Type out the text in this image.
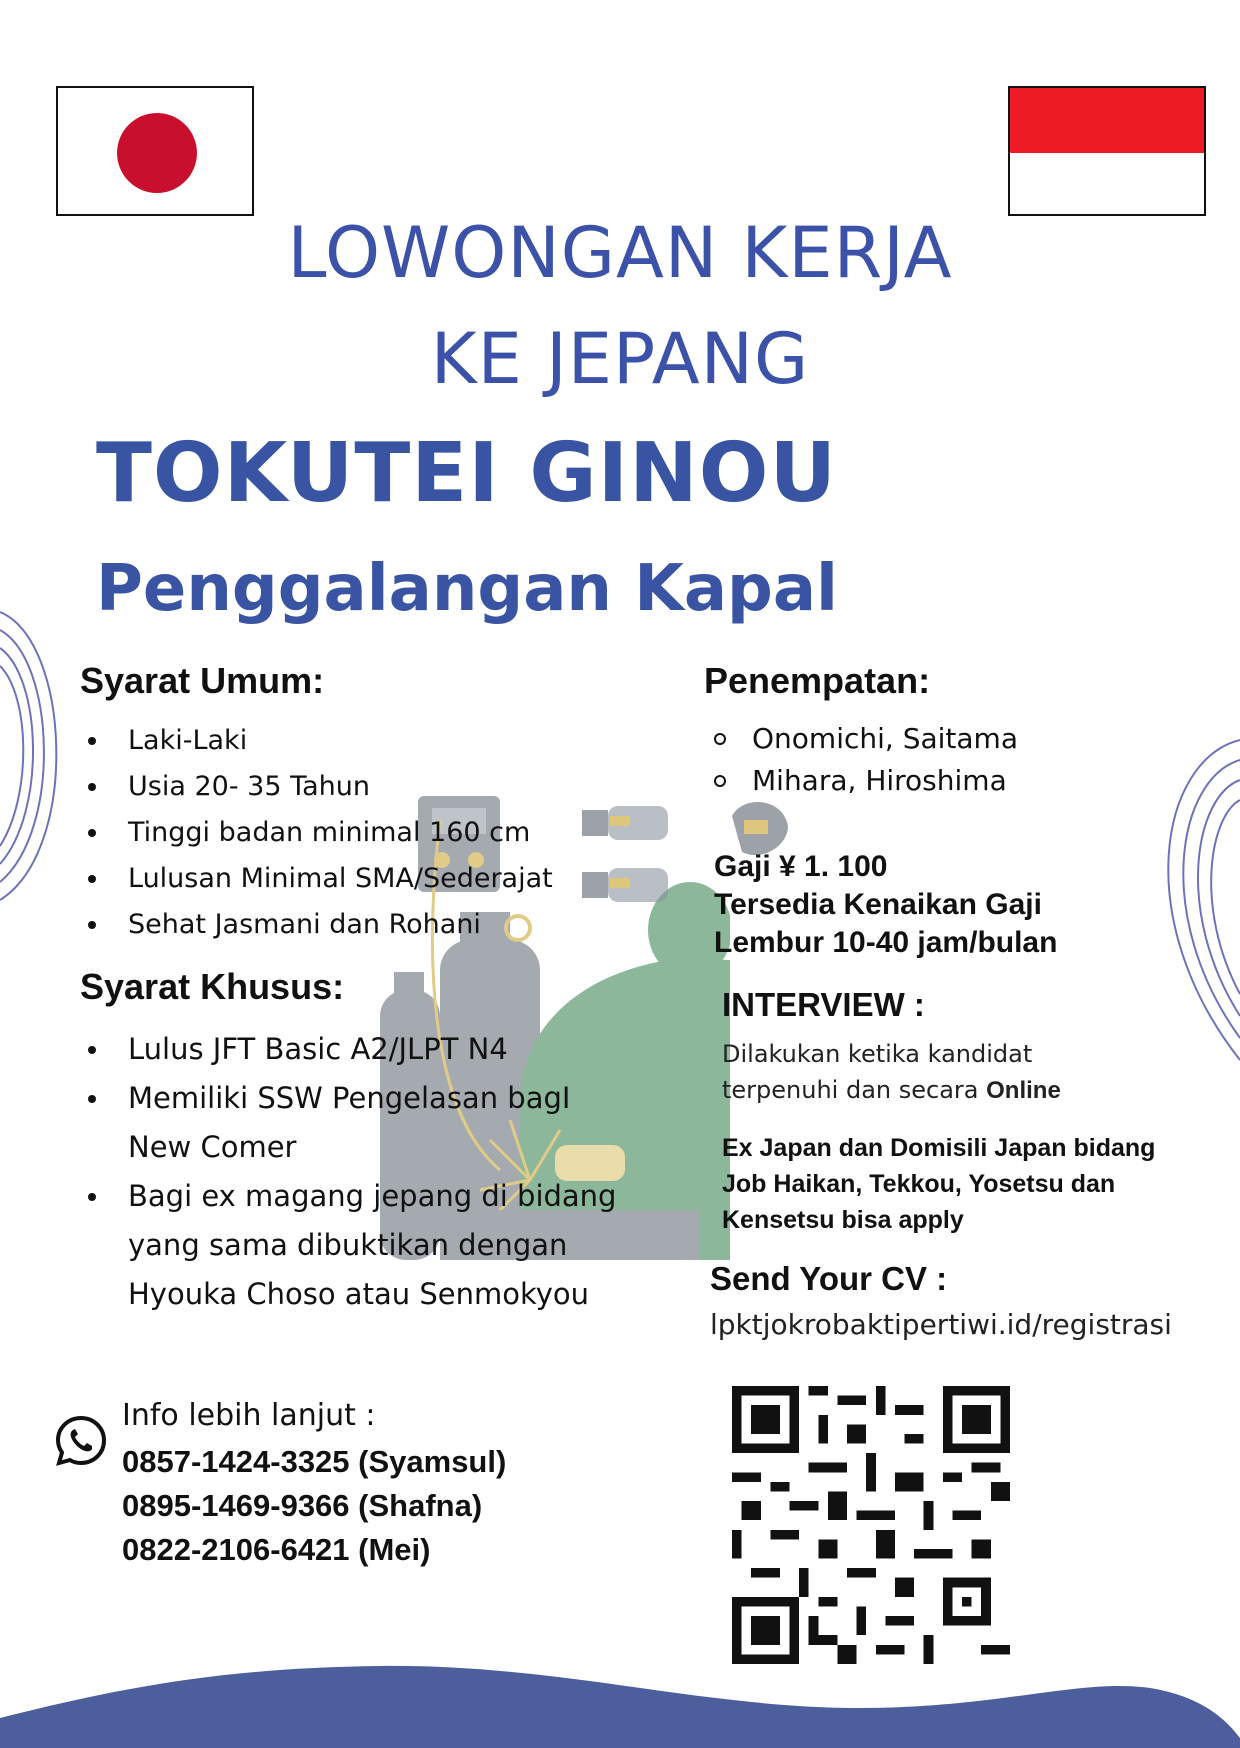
LOWONGAN KERJA
KE JEPANG
TOKUTEI GINOU
Penggalangan Kapal
Syarat Umum:
Laki-Laki
Usia 20- 35 Tahun
Tinggi badan minimal 160 cm
Lulusan Minimal SMA/Sederajat
Sehat Jasmani dan Rohani
Syarat Khusus:
Lulus JFT Basic A2/JLPT N4
Memiliki SSW Pengelasan bagI New Comer
Bagi ex magang jepang di bidang yang sama dibuktikan dengan Hyouka Choso atau Senmokyou
Penempatan:
Onomichi, Saitama
Mihara, Hiroshima
Gaji ¥ 1. 100
Tersedia Kenaikan Gaji
Lembur 10-40 jam/bulan
INTERVIEW :
Dilakukan ketika kandidat terpenuhi dan secara Online
Ex Japan dan Domisili Japan bidang Job Haikan, Tekkou, Yosetsu dan Kensetsu bisa apply
Send Your CV :
lpktjokrobaktipertiwi.id/registrasi
Info lebih lanjut :
0857-1424-3325 (Syamsul)
0895-1469-9366 (Shafna)
0822-2106-6421 (Mei)
